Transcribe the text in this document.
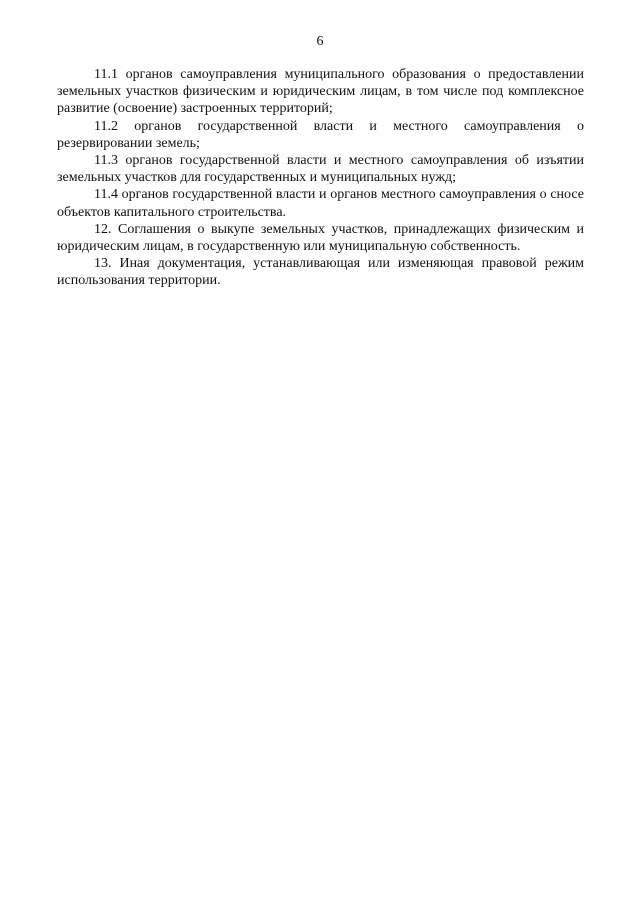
6

11.1 органов самоуправления муниципального образования о предоставлении земельных участков физическим и юридическим лицам, в том числе под комплексное развитие (освоение) застроенных территорий;

11.2 органов государственной власти и местного самоуправления о резервировании земель;

11.3 органов государственной власти и местного самоуправления об изъятии земельных участков для государственных и муниципальных нужд;

11.4 органов государственной власти и органов местного самоуправления о сносе объектов капитального строительства.

12. Соглашения о выкупе земельных участков, принадлежащих физическим и юридическим лицам, в государственную или муниципальную собственность.

13. Иная документация, устанавливающая или изменяющая правовой режим использования территории.
